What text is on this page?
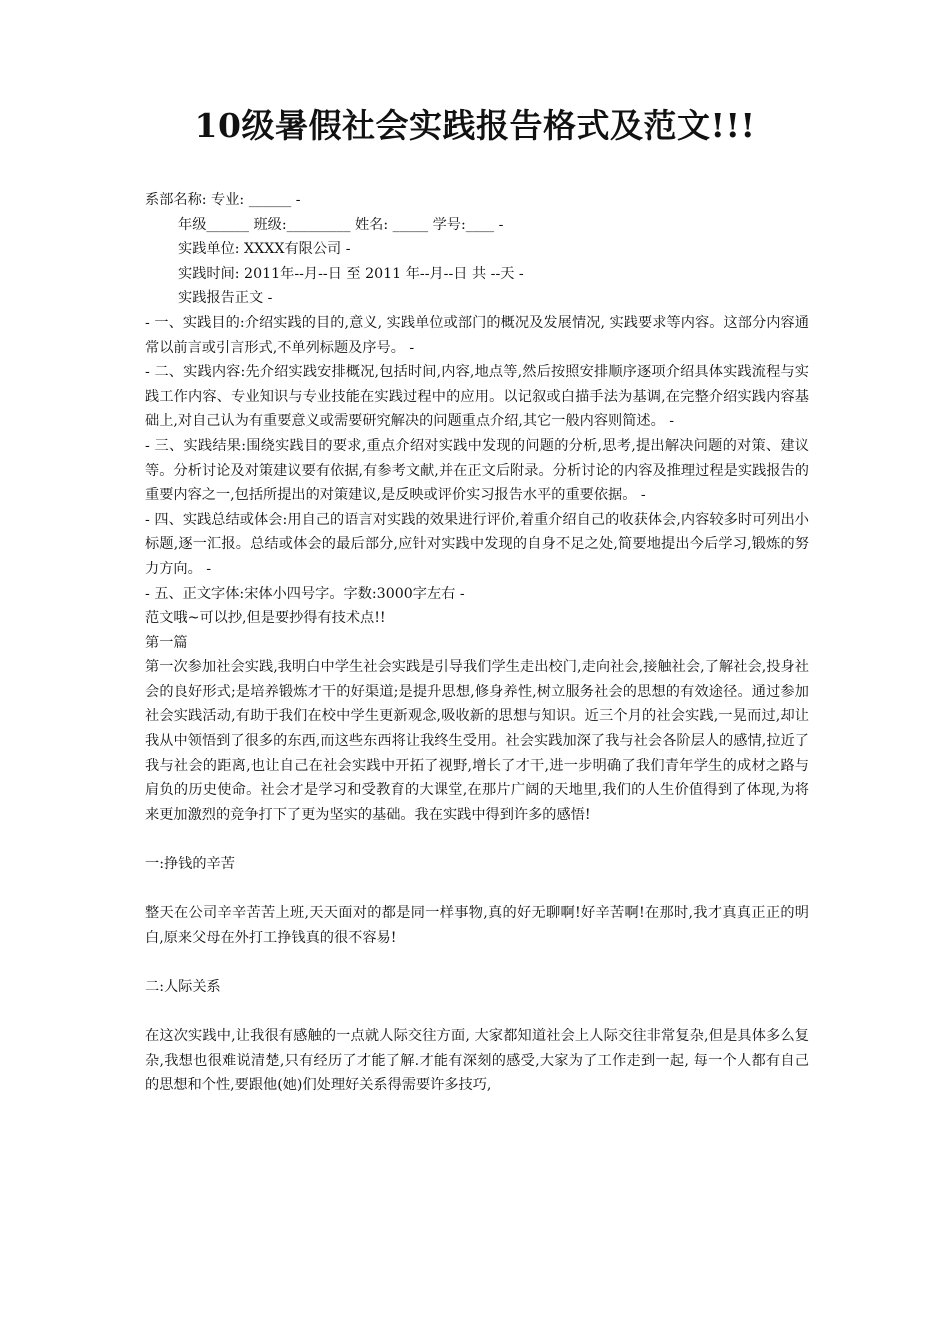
10级暑假社会实践报告格式及范文!!!
系部名称: 专业: ______ -
年级______ 班级:_________ 姓名: _____ 学号:____ -
实践单位: XXXX有限公司 -
实践时间: 2011年--月--日 至 2011 年--月--日 共 --天 -
实践报告正文 -
- 一、实践目的:介绍实践的目的,意义, 实践单位或部门的概况及发展情况, 实践要求等内容。这部分内容通常以前言或引言形式,不单列标题及序号。 -
- 二、实践内容:先介绍实践安排概况,包括时间,内容,地点等,然后按照安排顺序逐项介绍具体实践流程与实践工作内容、专业知识与专业技能在实践过程中的应用。以记叙或白描手法为基调,在完整介绍实践内容基础上,对自己认为有重要意义或需要研究解决的问题重点介绍,其它一般内容则简述。 -
- 三、实践结果:围绕实践目的要求,重点介绍对实践中发现的问题的分析,思考,提出解决问题的对策、建议等。分析讨论及对策建议要有依据,有参考文献,并在正文后附录。分析讨论的内容及推理过程是实践报告的重要内容之一,包括所提出的对策建议,是反映或评价实习报告水平的重要依据。 -
- 四、实践总结或体会:用自己的语言对实践的效果进行评价,着重介绍自己的收获体会,内容较多时可列出小标题,逐一汇报。总结或体会的最后部分,应针对实践中发现的自身不足之处,简要地提出今后学习,锻炼的努力方向。 -
- 五、正文字体:宋体小四号字。字数:3000字左右 -
范文哦~可以抄,但是要抄得有技术点!!
第一篇
第一次参加社会实践,我明白中学生社会实践是引导我们学生走出校门,走向社会,接触社会,了解社会,投身社会的良好形式;是培养锻炼才干的好渠道;是提升思想,修身养性,树立服务社会的思想的有效途径。通过参加社会实践活动,有助于我们在校中学生更新观念,吸收新的思想与知识。近三个月的社会实践,一晃而过,却让我从中领悟到了很多的东西,而这些东西将让我终生受用。社会实践加深了我与社会各阶层人的感情,拉近了我与社会的距离,也让自己在社会实践中开拓了视野,增长了才干,进一步明确了我们青年学生的成材之路与肩负的历史使命。社会才是学习和受教育的大课堂,在那片广阔的天地里,我们的人生价值得到了体现,为将来更加激烈的竞争打下了更为坚实的基础。我在实践中得到许多的感悟!
一:挣钱的辛苦
整天在公司辛辛苦苦上班,天天面对的都是同一样事物,真的好无聊啊!好辛苦啊!在那时,我才真真正正的明白,原来父母在外打工挣钱真的很不容易!
二:人际关系
在这次实践中,让我很有感触的一点就人际交往方面, 大家都知道社会上人际交往非常复杂,但是具体多么复杂,我想也很难说清楚,只有经历了才能了解.才能有深刻的感受,大家为了工作走到一起, 每一个人都有自己的思想和个性,要跟他(她)们处理好关系得需要许多技巧,
